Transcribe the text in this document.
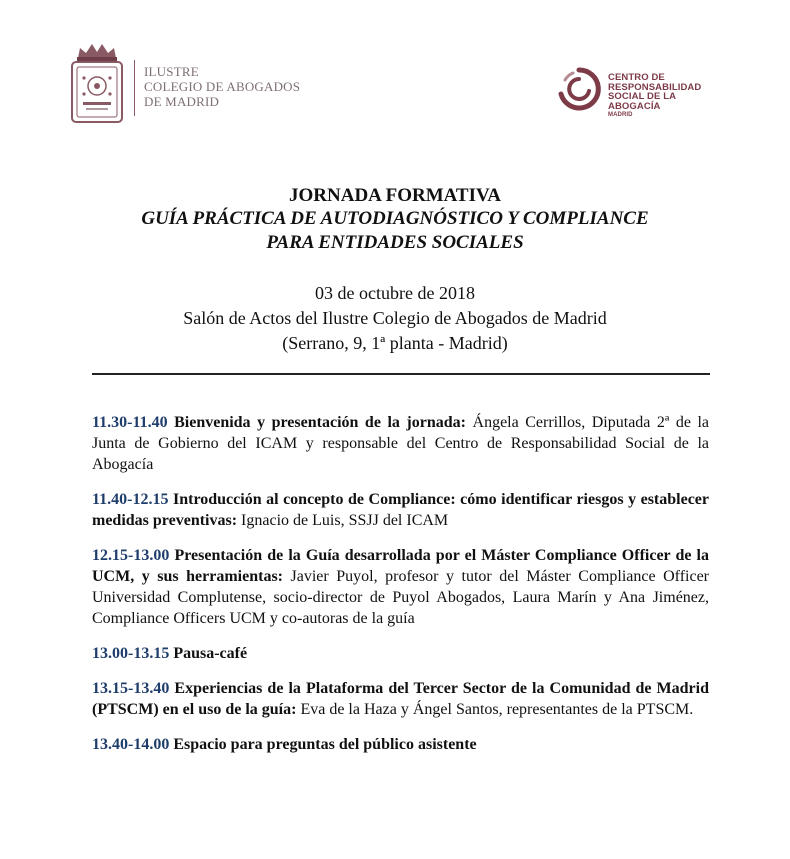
ILUSTRE
COLEGIO DE ABOGADOS
DE MADRID
CENTRO DE
RESPONSABILIDAD
SOCIAL DE LA
ABOGACÍA
MADRID
JORNADA FORMATIVA
GUÍA PRÁCTICA DE AUTODIAGNÓSTICO Y COMPLIANCE
PARA ENTIDADES SOCIALES
03 de octubre de 2018
Salón de Actos del Ilustre Colegio de Abogados de Madrid
(Serrano, 9, 1ª planta - Madrid)

11.30-11.40 Bienvenida y presentación de la jornada: Ángela Cerrillos, Diputada 2ª de la Junta de Gobierno del ICAM y responsable del Centro de Responsabilidad Social de la Abogacía

11.40-12.15 Introducción al concepto de Compliance: cómo identificar riesgos y establecer medidas preventivas: Ignacio de Luis, SSJJ del ICAM

12.15-13.00 Presentación de la Guía desarrollada por el Máster Compliance Officer de la UCM, y sus herramientas: Javier Puyol, profesor y tutor del Máster Compliance Officer Universidad Complutense, socio-director de Puyol Abogados, Laura Marín y Ana Jiménez, Compliance Officers UCM y co-autoras de la guía

13.00-13.15 Pausa-café

13.15-13.40 Experiencias de la Plataforma del Tercer Sector de la Comunidad de Madrid (PTSCM) en el uso de la guía: Eva de la Haza y Ángel Santos, representantes de la PTSCM.

13.40-14.00 Espacio para preguntas del público asistente
